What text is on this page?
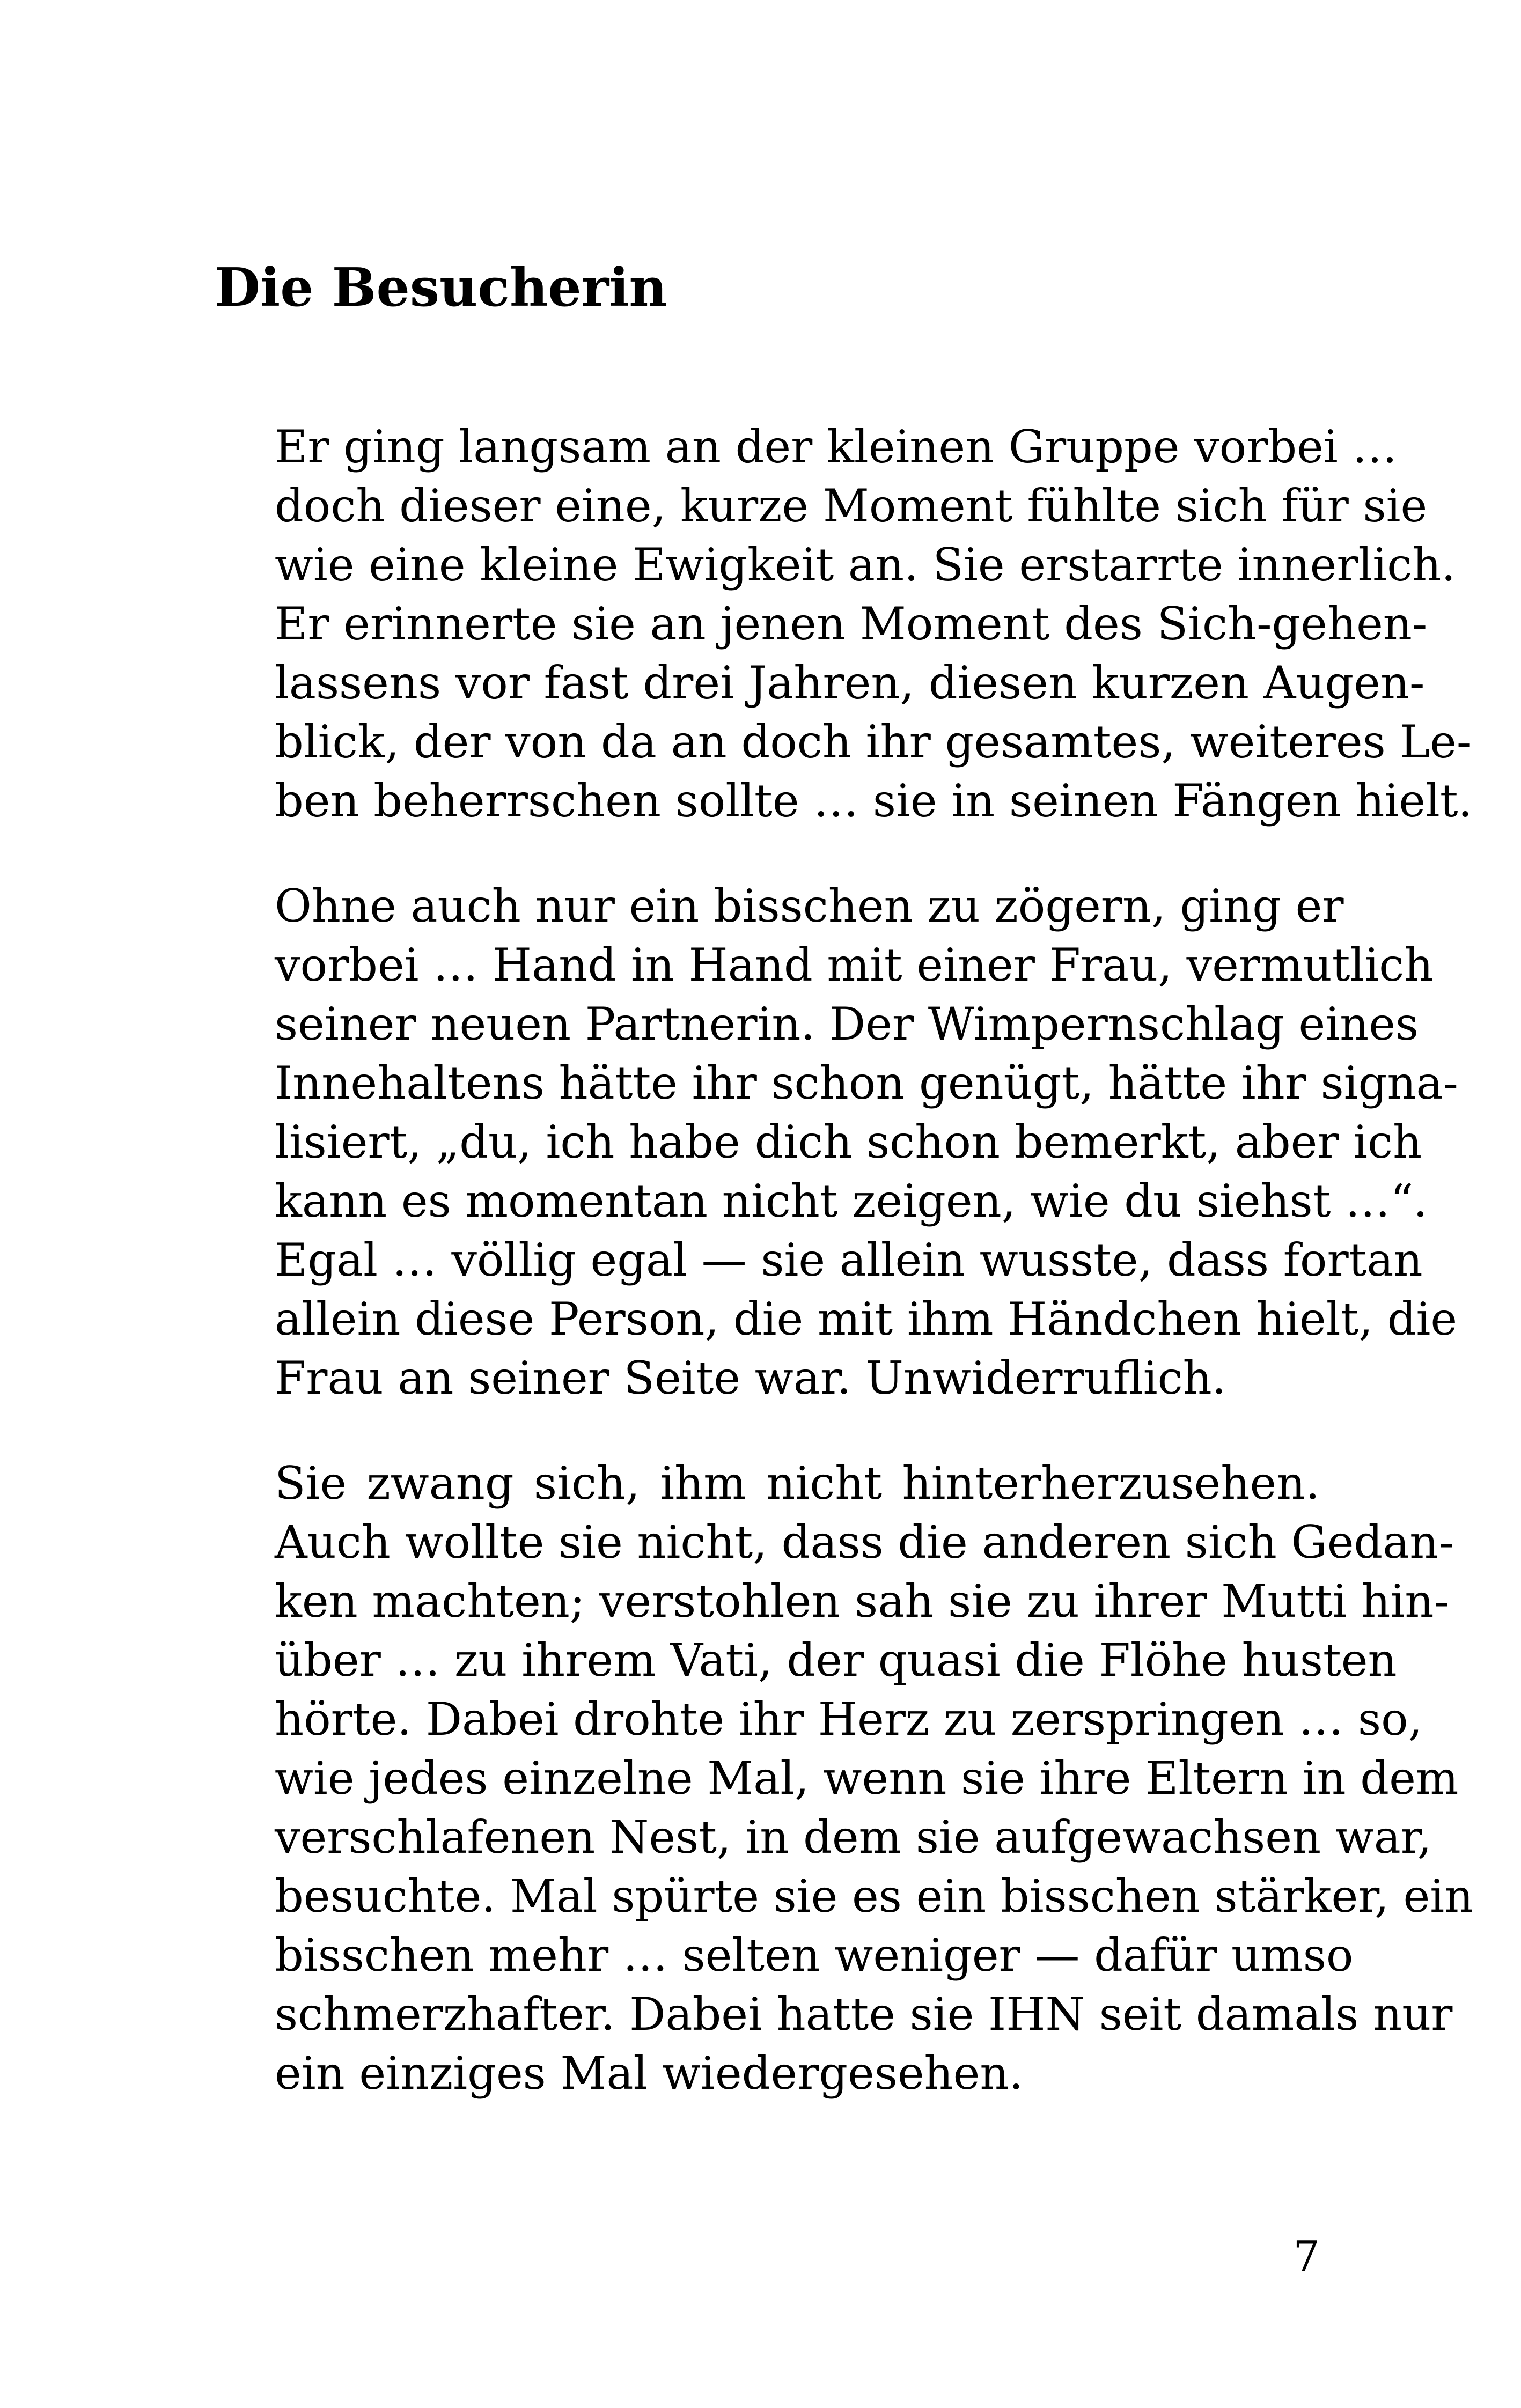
Die Besucherin

Er ging langsam an der kleinen Gruppe vorbei …
doch dieser eine, kurze Moment fühlte sich für sie
wie eine kleine Ewigkeit an. Sie erstarrte innerlich.
Er erinnerte sie an jenen Moment des Sich-gehen-
lassens vor fast drei Jahren, diesen kurzen Augen-
blick, der von da an doch ihr gesamtes, weiteres Le-
ben beherrschen sollte … sie in seinen Fängen hielt.

Ohne auch nur ein bisschen zu zögern, ging er
vorbei … Hand in Hand mit einer Frau, vermutlich
seiner neuen Partnerin. Der Wimpernschlag eines
Innehaltens hätte ihr schon genügt, hätte ihr signa-
lisiert, „du, ich habe dich schon bemerkt, aber ich
kann es momentan nicht zeigen, wie du siehst …“.
Egal … völlig egal — sie allein wusste, dass fortan
allein diese Person, die mit ihm Händchen hielt, die
Frau an seiner Seite war. Unwiderruflich.

Sie zwang sich, ihm nicht hinterherzusehen.
Auch wollte sie nicht, dass die anderen sich Gedan-
ken machten; verstohlen sah sie zu ihrer Mutti hin-
über … zu ihrem Vati, der quasi die Flöhe husten
hörte. Dabei drohte ihr Herz zu zerspringen … so,
wie jedes einzelne Mal, wenn sie ihre Eltern in dem
verschlafenen Nest, in dem sie aufgewachsen war,
besuchte. Mal spürte sie es ein bisschen stärker, ein
bisschen mehr … selten weniger — dafür umso
schmerzhafter. Dabei hatte sie IHN seit damals nur
ein einziges Mal wiedergesehen.

7
